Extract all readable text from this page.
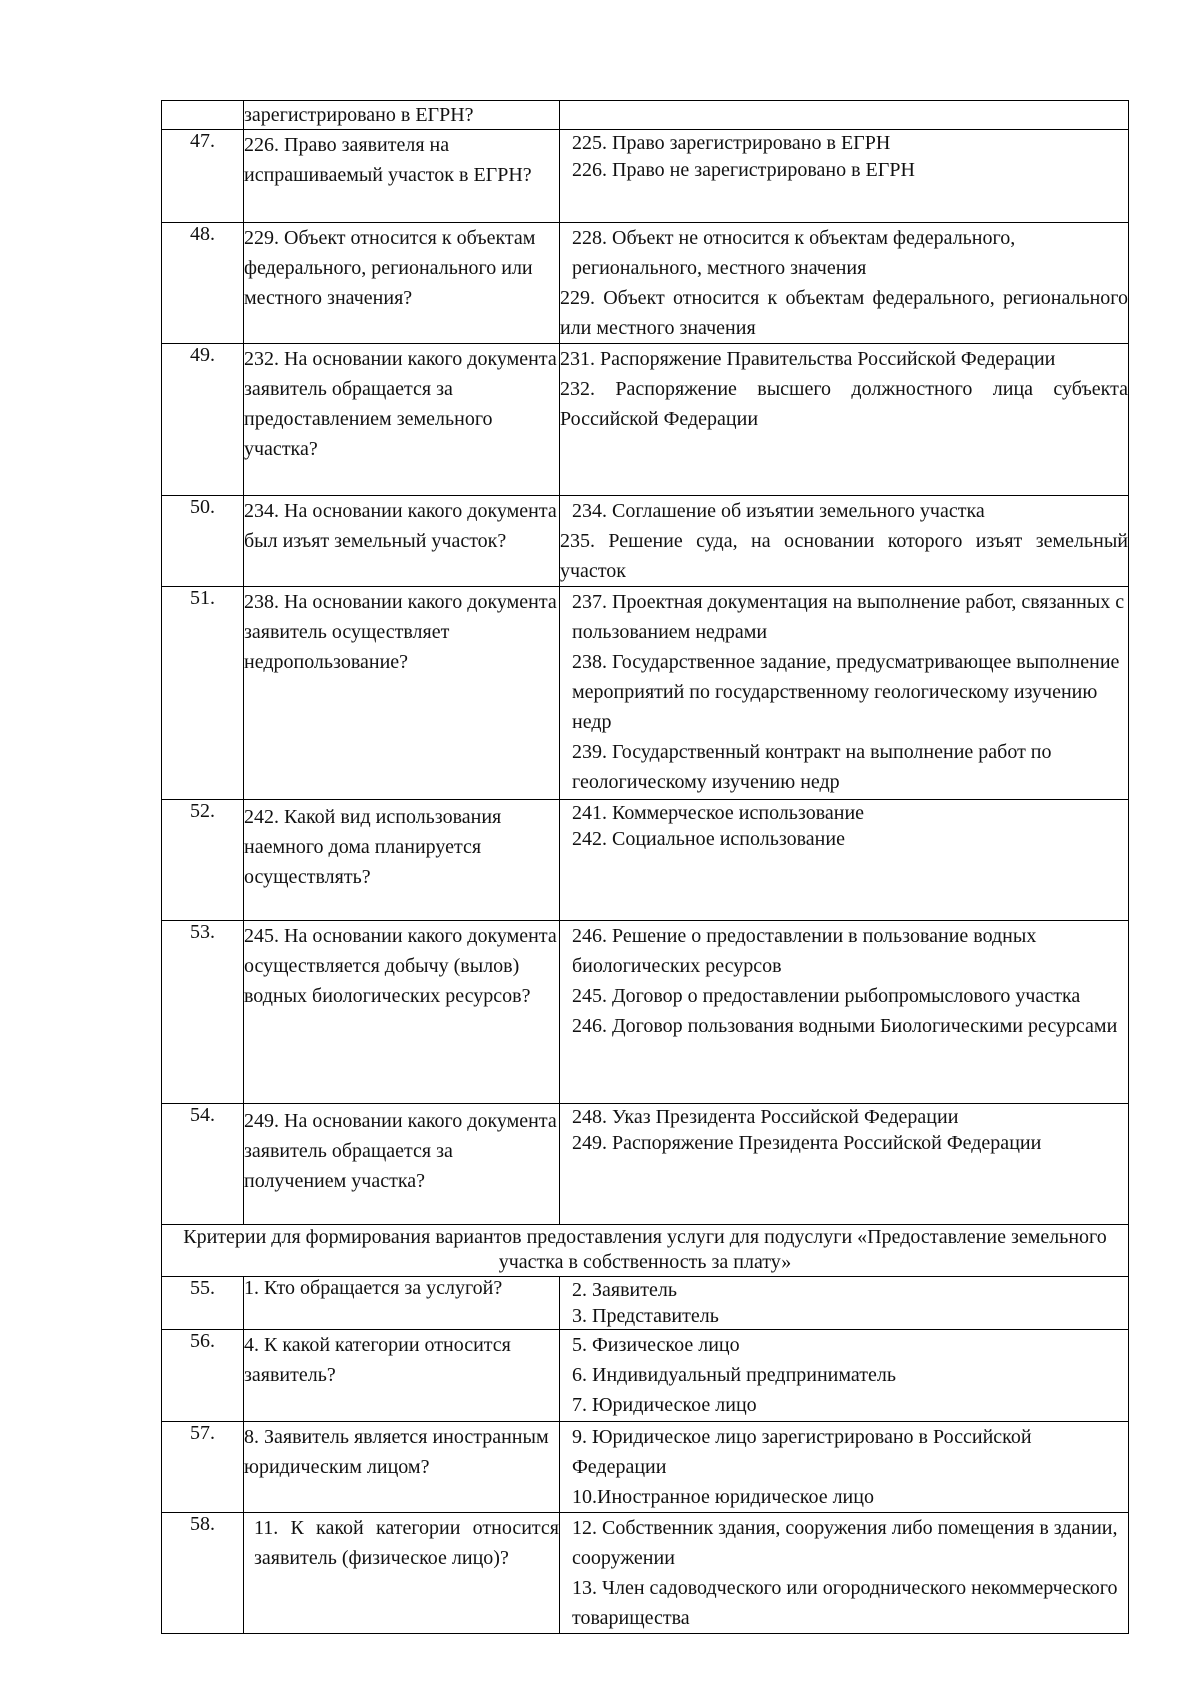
	зарегистрировано в ЕГРН?	
47.	226. Право заявителя на испрашиваемый участок в ЕГРН?	225. Право зарегистрировано в ЕГРН
226. Право не зарегистрировано в ЕГРН

48.	229. Объект относится к объектам федерального, регионального или местного значения?	228. Объект не относится к объектам федерального, регионального, местного значения
229. Объект относится к объектам федерального, регионального или местного значения

49.	232. На основании какого документа заявитель обращается за предоставлением земельного участка?	231. Распоряжение Правительства Российской Федерации
232. Распоряжение высшего должностного лица субъекта Российской Федерации

50.	234. На основании какого документа был изъят земельный участок?	234. Соглашение об изъятии земельного участка
235. Решение суда, на основании которого изъят земельный участок

51.	238. На основании какого документа заявитель осуществляет недропользование?	237. Проектная документация на выполнение работ, связанных с пользованием недрами
238. Государственное задание, предусматривающее выполнение мероприятий по государственному геологическому изучению недр
239. Государственный контракт на выполнение работ по геологическому изучению недр

52.	242. Какой вид использования наемного дома планируется осуществлять?	241. Коммерческое использование
242. Социальное использование

53.	245. На основании какого документа осуществляется добычу (вылов) водных биологических ресурсов?	246. Решение о предоставлении в пользование водных биологических ресурсов
245. Договор о предоставлении рыбопромыслового участка
246. Договор пользования водными Биологическими ресурсами

54.	249. На основании какого документа заявитель обращается за получением участка?	248. Указ Президента Российской Федерации
249. Распоряжение Президента Российской Федерации

Критерии для формирования вариантов предоставления услуги для подуслуги «Предоставление земельного участка в собственность за плату»		
55.	1. Кто обращается за услугой?	2. Заявитель
3. Представитель

56.	4. К какой категории относится заявитель?	5. Физическое лицо
6. Индивидуальный предприниматель
7. Юридическое лицо

57.	8. Заявитель является иностранным юридическим лицом?	9. Юридическое лицо зарегистрировано в Российской Федерации
10.Иностранное юридическое лицо

58.	11. К какой категории относится заявитель (физическое лицо)?	12. Собственник здания, сооружения либо помещения в здании, сооружении
13. Член садоводческого или огороднического некоммерческого товарищества
